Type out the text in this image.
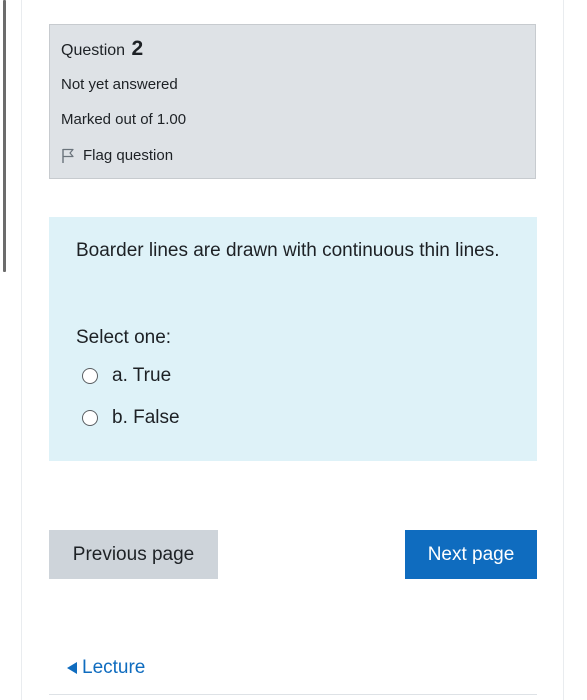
Question 2
Not yet answered
Marked out of 1.00
Flag question
Boarder lines are drawn with continuous thin lines.
Select one:
a. True
b. False
Previous page	Next page
Lecture
